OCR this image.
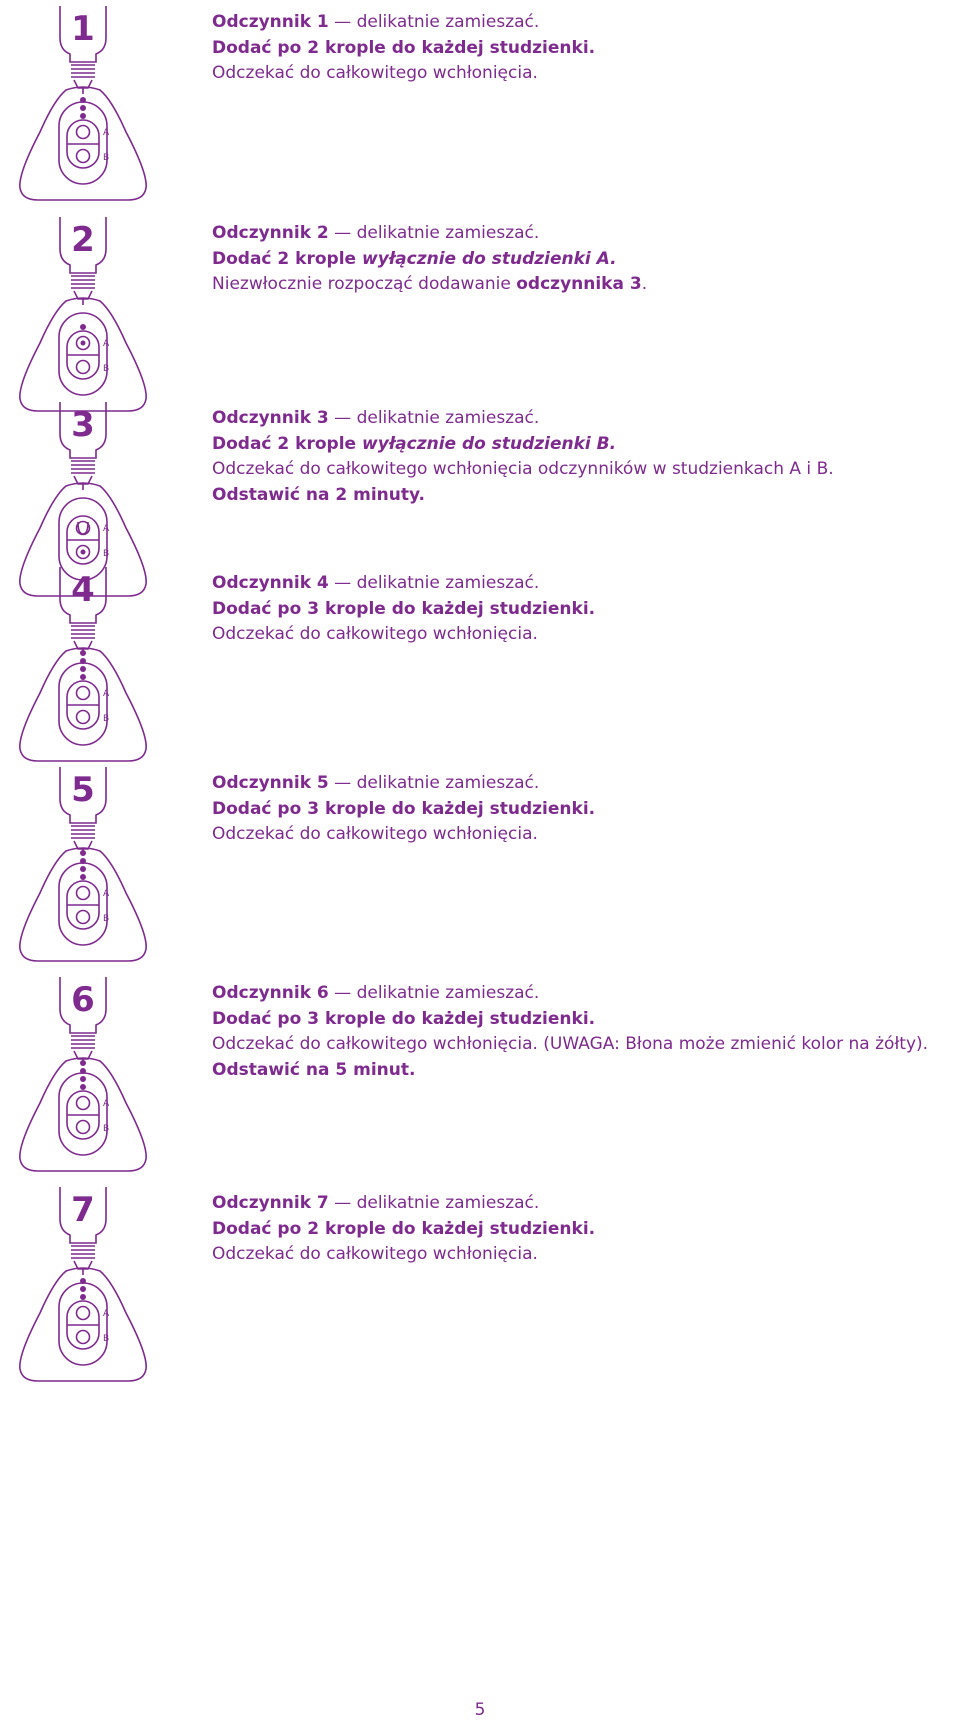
1
A
B
Odczynnik 1 — delikatnie zamieszać.
Dodać po 2 krople do każdej studzienki.
Odczekać do całkowitego wchłonięcia.
2
A
B
Odczynnik 2 — delikatnie zamieszać.
Dodać 2 krople wyłącznie do studzienki A.
Niezwłocznie rozpocząć dodawanie odczynnika 3.
3
A
B
Odczynnik 3 — delikatnie zamieszać.
Dodać 2 krople wyłącznie do studzienki B.
Odczekać do całkowitego wchłonięcia odczynników w studzienkach A i B.
Odstawić na 2 minuty.
4
A
B
Odczynnik 4 — delikatnie zamieszać.
Dodać po 3 krople do każdej studzienki.
Odczekać do całkowitego wchłonięcia.
5
A
B
Odczynnik 5 — delikatnie zamieszać.
Dodać po 3 krople do każdej studzienki.
Odczekać do całkowitego wchłonięcia.
6
A
B
Odczynnik 6 — delikatnie zamieszać.
Dodać po 3 krople do każdej studzienki.
Odczekać do całkowitego wchłonięcia. (UWAGA: Błona może zmienić kolor na żółty).
Odstawić na 5 minut.
7
A
B
Odczynnik 7 — delikatnie zamieszać.
Dodać po 2 krople do każdej studzienki.
Odczekać do całkowitego wchłonięcia.
5
